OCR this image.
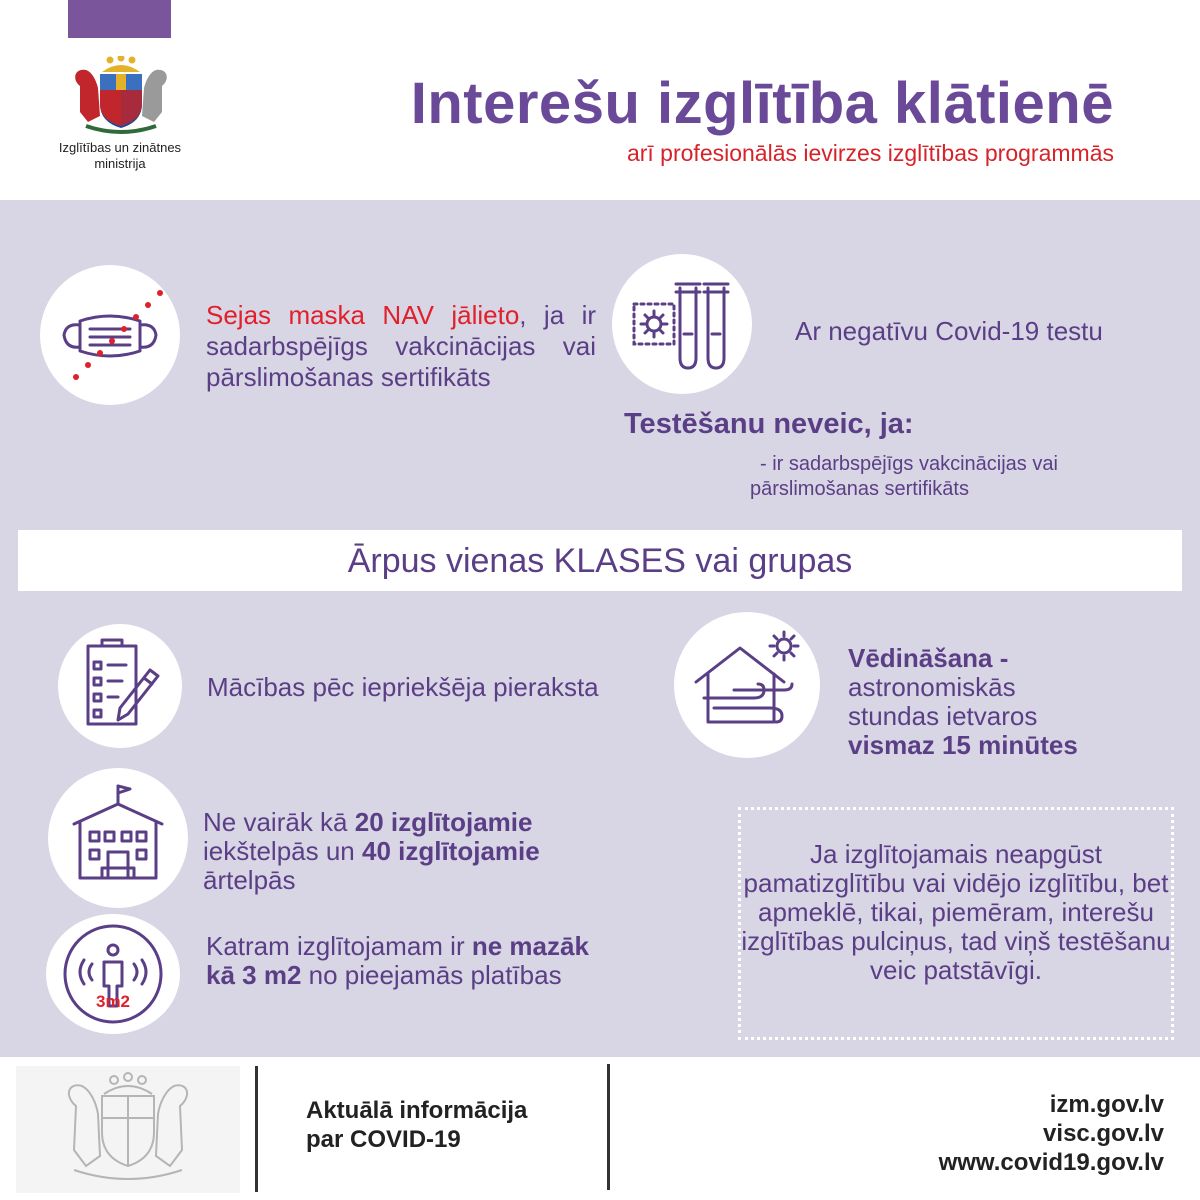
Izglītības un zinātnes
ministrija
Interešu izglītība klātienē
arī profesionālās ievirzes izglītības programmās
Sejas maska NAV jālieto, ja ir sadarbspējīgs vakcinācijas vai pārslimošanas sertifikāts
Ar negatīvu Covid-19 testu
Testēšanu neveic, ja:
- ir sadarbspējīgs vakcinācijas vai
pārslimošanas sertifikāts
Ārpus vienas KLASES vai grupas
Mācības pēc iepriekšēja pieraksta
Vēdināšana -
astronomiskās
stundas ietvaros
vismaz 15 minūtes
Ne vairāk kā 20 izglītojamie
iekštelpās un 40 izglītojamie
ārtelpās
3m2
Katram izglītojamam ir ne mazāk kā 3 m2 no pieejamās platības
Ja izglītojamais neapgūst pamatizglītību vai vidējo izglītību, bet apmeklē, tikai, piemēram, interešu izglītības pulciņus, tad viņš testēšanu veic patstāvīgi.
Aktuālā informācija
par COVID-19
izm.gov.lv
visc.gov.lv
www.covid19.gov.lv
